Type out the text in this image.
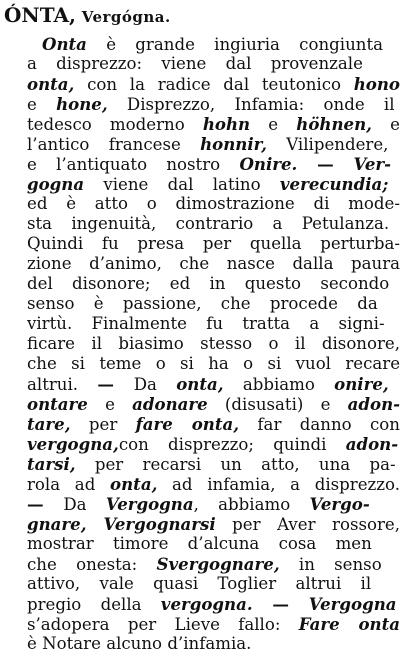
ÓNTA, Vergógna.
Onta è grande ingiuria congiunta
a disprezzo: viene dal provenzale
onta, con la radice dal teutonico hono
e hone, Disprezzo, Infamia: onde il
tedesco moderno hohn e höhnen, e
l’antico francese honnir, Vilipendere,
e l’antiquato nostro Onire. — Ver-
gogna viene dal latino verecundia;
ed è atto o dimostrazione di mode-
sta ingenuità, contrario a Petulanza.
Quindi fu presa per quella perturba-
zione d’animo, che nasce dalla paura
del disonore; ed in questo secondo
senso è passione, che procede da
virtù. Finalmente fu tratta a signi-
ficare il biasimo stesso o il disonore,
che si teme o si ha o si vuol recare
altrui. — Da onta, abbiamo onire,
ontare e adonare (disusati) e adon-
tare, per fare onta, far danno con
vergogna,con disprezzo; quindi adon-
tarsi, per recarsi un atto, una pa-
rola ad onta, ad infamia, a disprezzo.
— Da Vergogna, abbiamo Vergo-
gnare, Vergognarsi per Aver rossore,
mostrar timore d’alcuna cosa men
che onesta: Svergognare, in senso
attivo, vale quasi Toglier altrui il
pregio della vergogna. — Vergogna
s’adopera per Lieve fallo: Fare onta
è Notare alcuno d’infamia.
